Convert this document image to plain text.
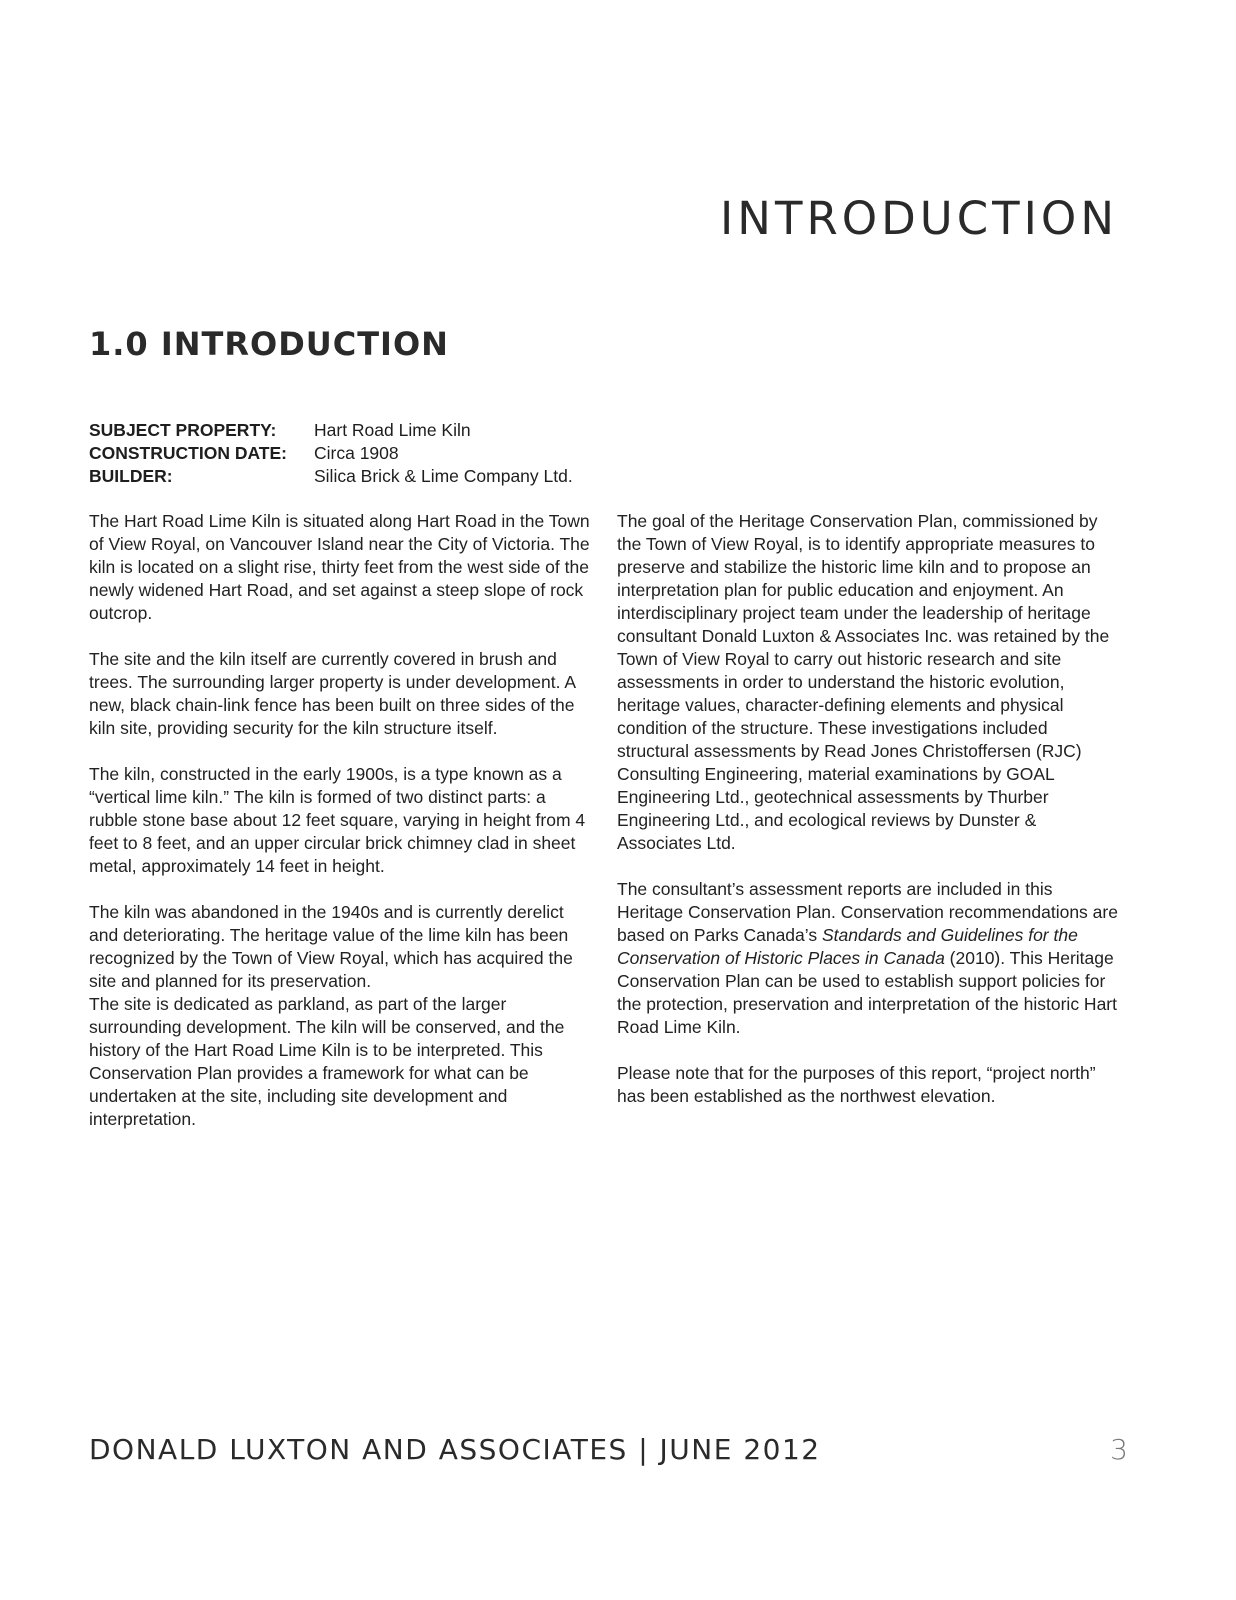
INTRODUCTION
1.0 INTRODUCTION
SUBJECT PROPERTY:	Hart Road Lime Kiln
CONSTRUCTION DATE:	Circa 1908
BUILDER:	Silica Brick & Lime Company Ltd.

The Hart Road Lime Kiln is situated along Hart Road in the Town of View Royal, on Vancouver Island near the City of Victoria. The kiln is located on a slight rise, thirty feet from the west side of the newly widened Hart Road, and set against a steep slope of rock outcrop.

The site and the kiln itself are currently covered in brush and trees. The surrounding larger property is under development. A new, black chain-link fence has been built on three sides of the kiln site, providing security for the kiln structure itself.

The kiln, constructed in the early 1900s, is a type known as a “vertical lime kiln.” The kiln is formed of two distinct parts: a rubble stone base about 12 feet square, varying in height from 4 feet to 8 feet, and an upper circular brick chimney clad in sheet metal, approximately 14 feet in height.

The kiln was abandoned in the 1940s and is currently derelict and deteriorating. The heritage value of the lime kiln has been recognized by the Town of View Royal, which has acquired the site and planned for its preservation.
The site is dedicated as parkland, as part of the larger surrounding development. The kiln will be conserved, and the history of the Hart Road Lime Kiln is to be interpreted. This Conservation Plan provides a framework for what can be undertaken at the site, including site development and interpretation.

The goal of the Heritage Conservation Plan, commissioned by the Town of View Royal, is to identify appropriate measures to preserve and stabilize the historic lime kiln and to propose an interpretation plan for public education and enjoyment. An interdisciplinary project team under the leadership of heritage consultant Donald Luxton & Associates Inc. was retained by the Town of View Royal to carry out historic research and site assessments in order to understand the historic evolution, heritage values, character-defining elements and physical condition of the structure. These investigations included structural assessments by Read Jones Christoffersen (RJC) Consulting Engineering, material examinations by GOAL Engineering Ltd., geotechnical assessments by Thurber Engineering Ltd., and ecological reviews by Dunster & Associates Ltd.

The consultant’s assessment reports are included in this Heritage Conservation Plan. Conservation recommendations are based on Parks Canada’s Standards and Guidelines for the Conservation of Historic Places in Canada (2010). This Heritage Conservation Plan can be used to establish support policies for the protection, preservation and interpretation of the historic Hart Road Lime Kiln.

Please note that for the purposes of this report, “project north” has been established as the northwest elevation.

DONALD LUXTON AND ASSOCIATES | JUNE 2012	3
